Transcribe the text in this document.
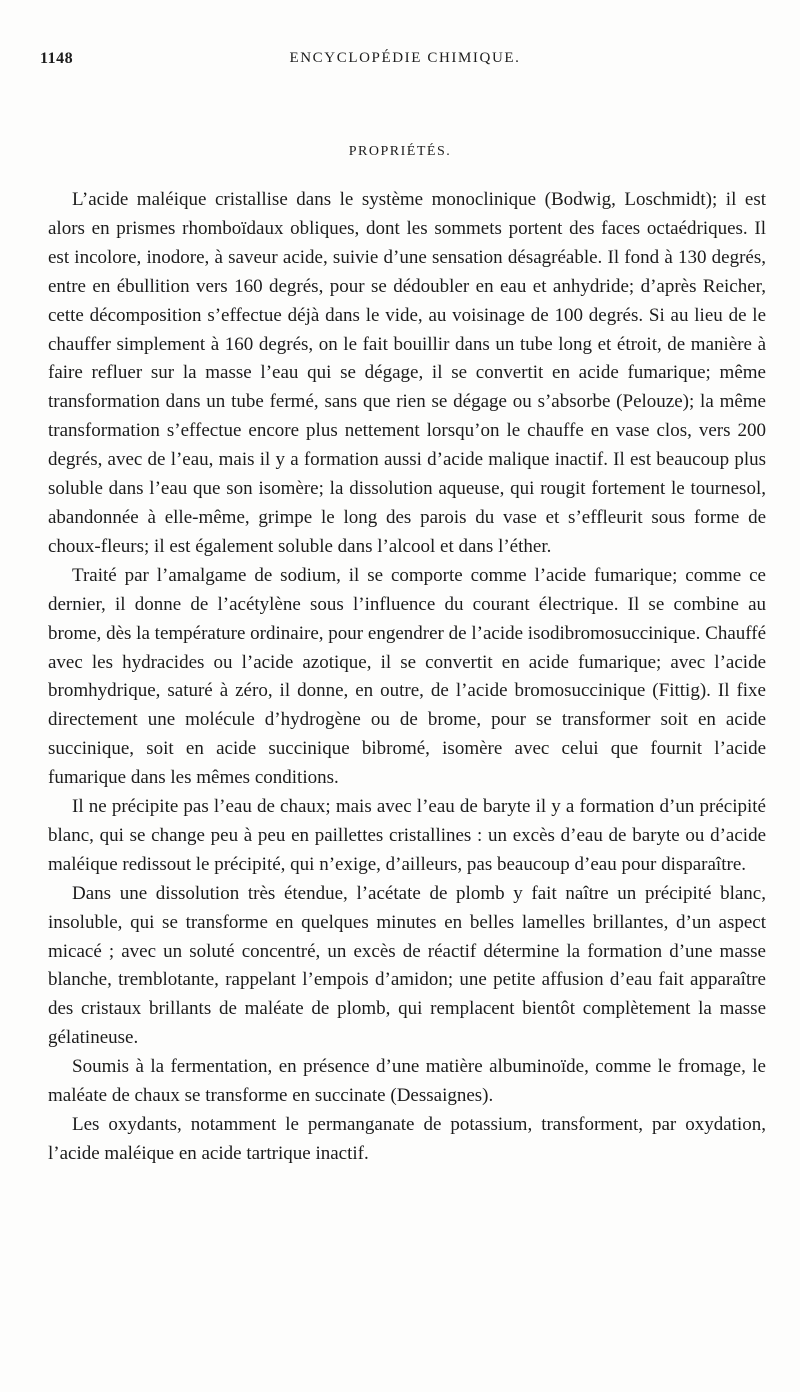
1148	ENCYCLOPÉDIE CHIMIQUE.
PROPRIÉTÉS.

L’acide maléique cristallise dans le système monoclinique (Bodwig, Loschmidt); il est alors en prismes rhomboïdaux obliques, dont les sommets portent des faces octaédriques. Il est incolore, inodore, à saveur acide, suivie d’une sensation désagréable. Il fond à 130 degrés, entre en ébullition vers 160 degrés, pour se dédoubler en eau et anhydride; d’après Reicher, cette décomposition s’effectue déjà dans le vide, au voisinage de 100 degrés. Si au lieu de le chauffer simplement à 160 degrés, on le fait bouillir dans un tube long et étroit, de manière à faire refluer sur la masse l’eau qui se dégage, il se convertit en acide fumarique; même transformation dans un tube fermé, sans que rien se dégage ou s’absorbe (Pelouze); la même transformation s’effectue encore plus nettement lorsqu’on le chauffe en vase clos, vers 200 degrés, avec de l’eau, mais il y a formation aussi d’acide malique inactif. Il est beaucoup plus soluble dans l’eau que son isomère; la dissolution aqueuse, qui rougit fortement le tournesol, abandonnée à elle-même, grimpe le long des parois du vase et s’effleurit sous forme de choux-fleurs; il est également soluble dans l’alcool et dans l’éther.

Traité par l’amalgame de sodium, il se comporte comme l’acide fumarique; comme ce dernier, il donne de l’acétylène sous l’influence du courant électrique. Il se combine au brome, dès la température ordinaire, pour engendrer de l’acide isodibromosuccinique. Chauffé avec les hydracides ou l’acide azotique, il se convertit en acide fumarique; avec l’acide bromhydrique, saturé à zéro, il donne, en outre, de l’acide bromosuccinique (Fittig). Il fixe directement une molécule d’hydrogène ou de brome, pour se transformer soit en acide succinique, soit en acide succinique bibromé, isomère avec celui que fournit l’acide fumarique dans les mêmes conditions.

Il ne précipite pas l’eau de chaux; mais avec l’eau de baryte il y a formation d’un précipité blanc, qui se change peu à peu en paillettes cristallines : un excès d’eau de baryte ou d’acide maléique redissout le précipité, qui n’exige, d’ailleurs, pas beaucoup d’eau pour disparaître.

Dans une dissolution très étendue, l’acétate de plomb y fait naître un précipité blanc, insoluble, qui se transforme en quelques minutes en belles lamelles brillantes, d’un aspect micacé ; avec un soluté concentré, un excès de réactif détermine la formation d’une masse blanche, tremblotante, rappelant l’empois d’amidon; une petite affusion d’eau fait apparaître des cristaux brillants de maléate de plomb, qui remplacent bientôt complètement la masse gélatineuse.

Soumis à la fermentation, en présence d’une matière albuminoïde, comme le fromage, le maléate de chaux se transforme en succinate (Dessaignes).

Les oxydants, notamment le permanganate de potassium, transforment, par oxydation, l’acide maléique en acide tartrique inactif.
